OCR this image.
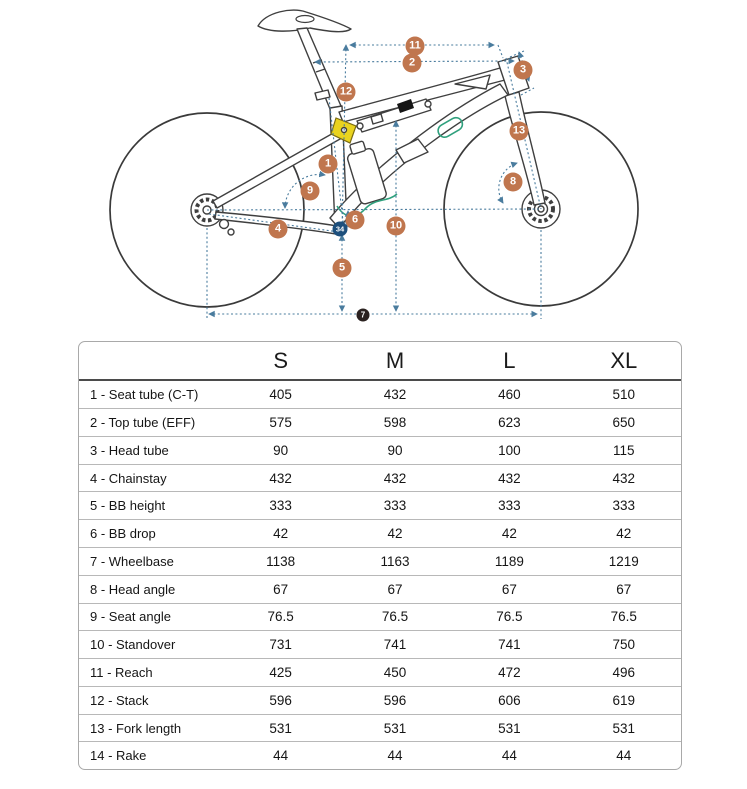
1
2
3
4
5
6
7
8
9
10
11
12
13
34
	S	M	L	XL
1 - Seat tube (C-T)	405	432	460	510
2 - Top tube (EFF)	575	598	623	650
3 - Head tube	90	90	100	115
4 - Chainstay	432	432	432	432
5 - BB height	333	333	333	333
6 - BB drop	42	42	42	42
7 - Wheelbase	1138	1163	1189	1219
8 - Head angle	67	67	67	67
9 - Seat angle	76.5	76.5	76.5	76.5
10 - Standover	731	741	741	750
11 - Reach	425	450	472	496
12 - Stack	596	596	606	619
13 - Fork length	531	531	531	531
14 - Rake	44	44	44	44
